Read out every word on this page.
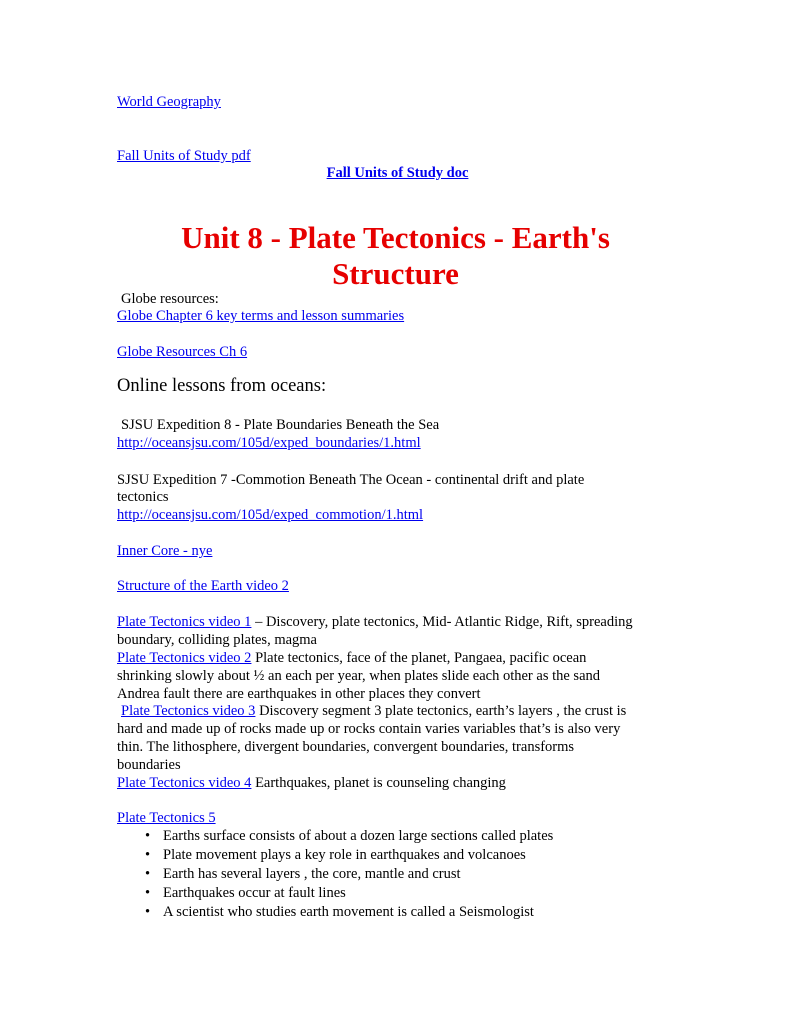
World Geography
Fall Units of Study pdf
Fall Units of Study doc
Unit 8 - Plate Tectonics - Earth's
Structure
Globe resources:
Globe Chapter 6 key terms and lesson summaries
Globe Resources Ch 6
Online lessons from oceans:
SJSU Expedition 8 - Plate Boundaries Beneath the Sea
http://oceansjsu.com/105d/exped_boundaries/1.html
SJSU Expedition 7 -Commotion Beneath The Ocean - continental drift and plate
tectonics
http://oceansjsu.com/105d/exped_commotion/1.html
Inner Core - nye
Structure of the Earth video 2
Plate Tectonics video 1 – Discovery, plate tectonics, Mid- Atlantic Ridge, Rift, spreading
boundary, colliding plates, magma
Plate Tectonics video 2 Plate tectonics, face of the planet, Pangaea, pacific ocean
shrinking slowly about ½ an each per year, when plates slide each other as the sand
Andrea fault there are earthquakes in other places they convert
Plate Tectonics video 3 Discovery segment 3 plate tectonics, earth’s layers , the crust is
hard and made up of rocks made up or rocks contain varies variables that’s is also very
thin. The lithosphere, divergent boundaries, convergent boundaries, transforms
boundaries
Plate Tectonics video 4 Earthquakes, planet is counseling changing
Plate Tectonics 5
• Earths surface consists of about a dozen large sections called plates
• Plate movement plays a key role in earthquakes and volcanoes
• Earth has several layers , the core, mantle and crust
• Earthquakes occur at fault lines
• A scientist who studies earth movement is called a Seismologist
